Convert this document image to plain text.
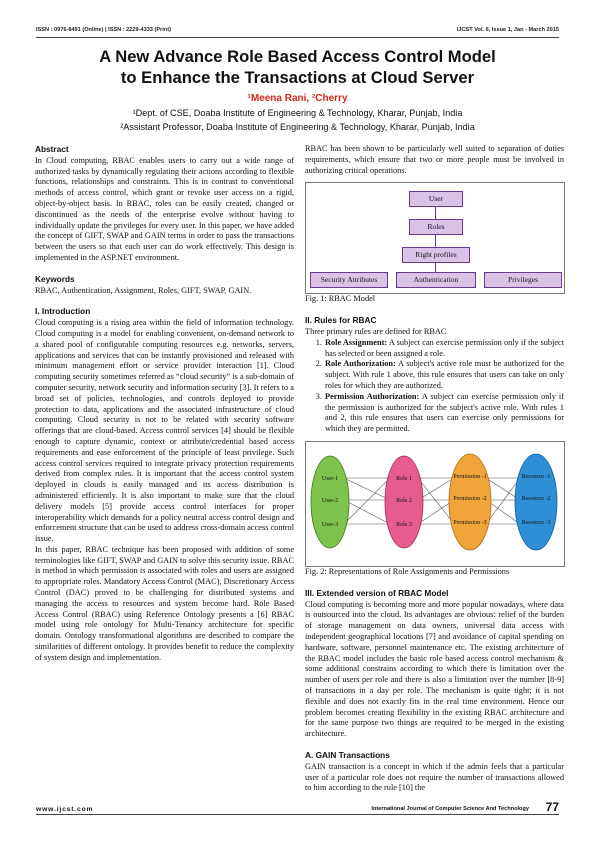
ISSN : 0976-8491 (Online) | ISSN : 2229-4333 (Print)	IJCST Vol. 6, Issue 1, Jan - March 2015
A New Advance Role Based Access Control Model
to Enhance the Transactions at Cloud Server
¹Meena Rani, ²Cherry
¹Dept. of CSE, Doaba Institute of Engineering & Technology, Kharar, Punjab, India
²Assistant Professor, Doaba Institute of Engineering & Technology, Kharar, Punjab, India
Abstract

In Cloud computing, RBAC enables users to carry out a wide range of authorized tasks by dynamically regulating their actions according to flexible functions, relationships and constraints. This is in contrast to conventional methods of access control, which grant or revoke user access on a rigid, object-by-object basis. In RBAC, roles can be easily created, changed or discontinued as the needs of the enterprise evolve without having to individually update the privileges for every user. In this paper, we have added the concept of GIFT, SWAP and GAIN terms in order to pass the transactions between the users so that each user can do work effectively. This design is implemented in the ASP.NET environment.

Keywords

RBAC, Authentication, Assignment, Roles, GIFT, SWAP, GAIN.

I. Introduction

Cloud computing is a rising area within the field of information technology. Cloud computing is a model for enabling convenient, on-demand network to a shared pool of configurable computing resources e.g. networks, servers, applications and services that can be instantly provisioned and released with minimum management effort or service provider interaction [1]. Cloud computing security sometimes referred as “cloud security” is a sub-domain of computer security, network security and information security [3]. It refers to a broad set of policies, technologies, and controls deployed to provide protection to data, applications and the associated infrastructure of cloud computing. Cloud security is not to be related with security software offerings that are cloud-based. Access control services [4] should be flexible enough to capture dynamic, context or attribute/credential based access requirements and ease enforcement of the principle of least privilege. Such access control services required to integrate privacy protection requirements derived from complex rules. It is important that the access control system deployed in clouds is easily managed and its access distribution is administered efficiently. It is also important to make sure that the cloud delivery models [5] provide access control interfaces for proper interoperability which demands for a policy neutral access control design and enforcement structure that can be used to address cross-domain access control issue.

In this paper, RBAC technique has been proposed with addition of some terminologies like GIFT, SWAP and GAIN to solve this security issue. RBAC is method in which permission is associated with roles and users are assigned to appropriate roles. Mandatory Access Control (MAC), Discretionary Access Control (DAC) proved to be challenging for distributed systems and managing the access to resources and system become hard. Role Based Access Control (RBAC) using Reference Ontology presents a [6] RBAC model using role ontology for Multi-Tenancy architecture for specific domain. Ontology transformational algorithms are described to compare the similarities of different ontology. It provides benefit to reduce the complexity of system design and implementation.

RBAC has been shown to be particularly well suited to separation of duties requirements, which ensure that two or more people must be involved in authorizing critical operations.

User
Roles
Right profiles
Security Attributes	Authentication	Privileges

Fig. 1: RBAC Model

II. Rules for RBAC

Three primary rules are defined for RBAC

1. Role Assignment: A subject can exercise permission only if the subject has selected or been assigned a role.
2. Role Authorization: A subject's active role must be authorized for the subject. With rule 1 above, this rule ensures that users can take on only roles for which they are authorized.
3. Permission Authorization: A subject can exercise permission only if the permission is authorized for the subject's active role. With rules 1 and 2, this rule ensures that users can exercise only permissions for which they are permitted.
User-1
User-2
User-3
Role 1
Role 2
Role 3
Permission -1
Permission -2
Permission -3
Resource -1
Resource -2
Resource -3

Fig. 2: Representations of Role Assignments and Permissions

III. Extended version of RBAC Model

Cloud computing is becoming more and more popular nowadays, where data is outsourced into the cloud. Its advantages are obvious: relief of the burden of storage management on data owners, universal data access with independent geographical locations [7] and avoidance of capital spending on hardware, software, personnel maintenance etc. The existing architecture of the RBAC model includes the basic role based access control mechanism & some additional constrains according to which there is limitation over the number of users per role and there is also a limitation over the number [8-9] of transactions in a day per role. The mechanism is quite tight; it is not flexible and does not exactly fits in the real time environment. Hence our problem becomes creating flexibility in the existing RBAC architecture and for the same purpose two things are required to be merged in the existing architecture.

A. GAIN Transactions

GAIN transaction is a concept in which if the admin feels that a particular user of a particular role does not require the number of transactions allowed to him according to the rule [10] the

www.ijcst.com	International Journal of Computer Science And Technology 77
